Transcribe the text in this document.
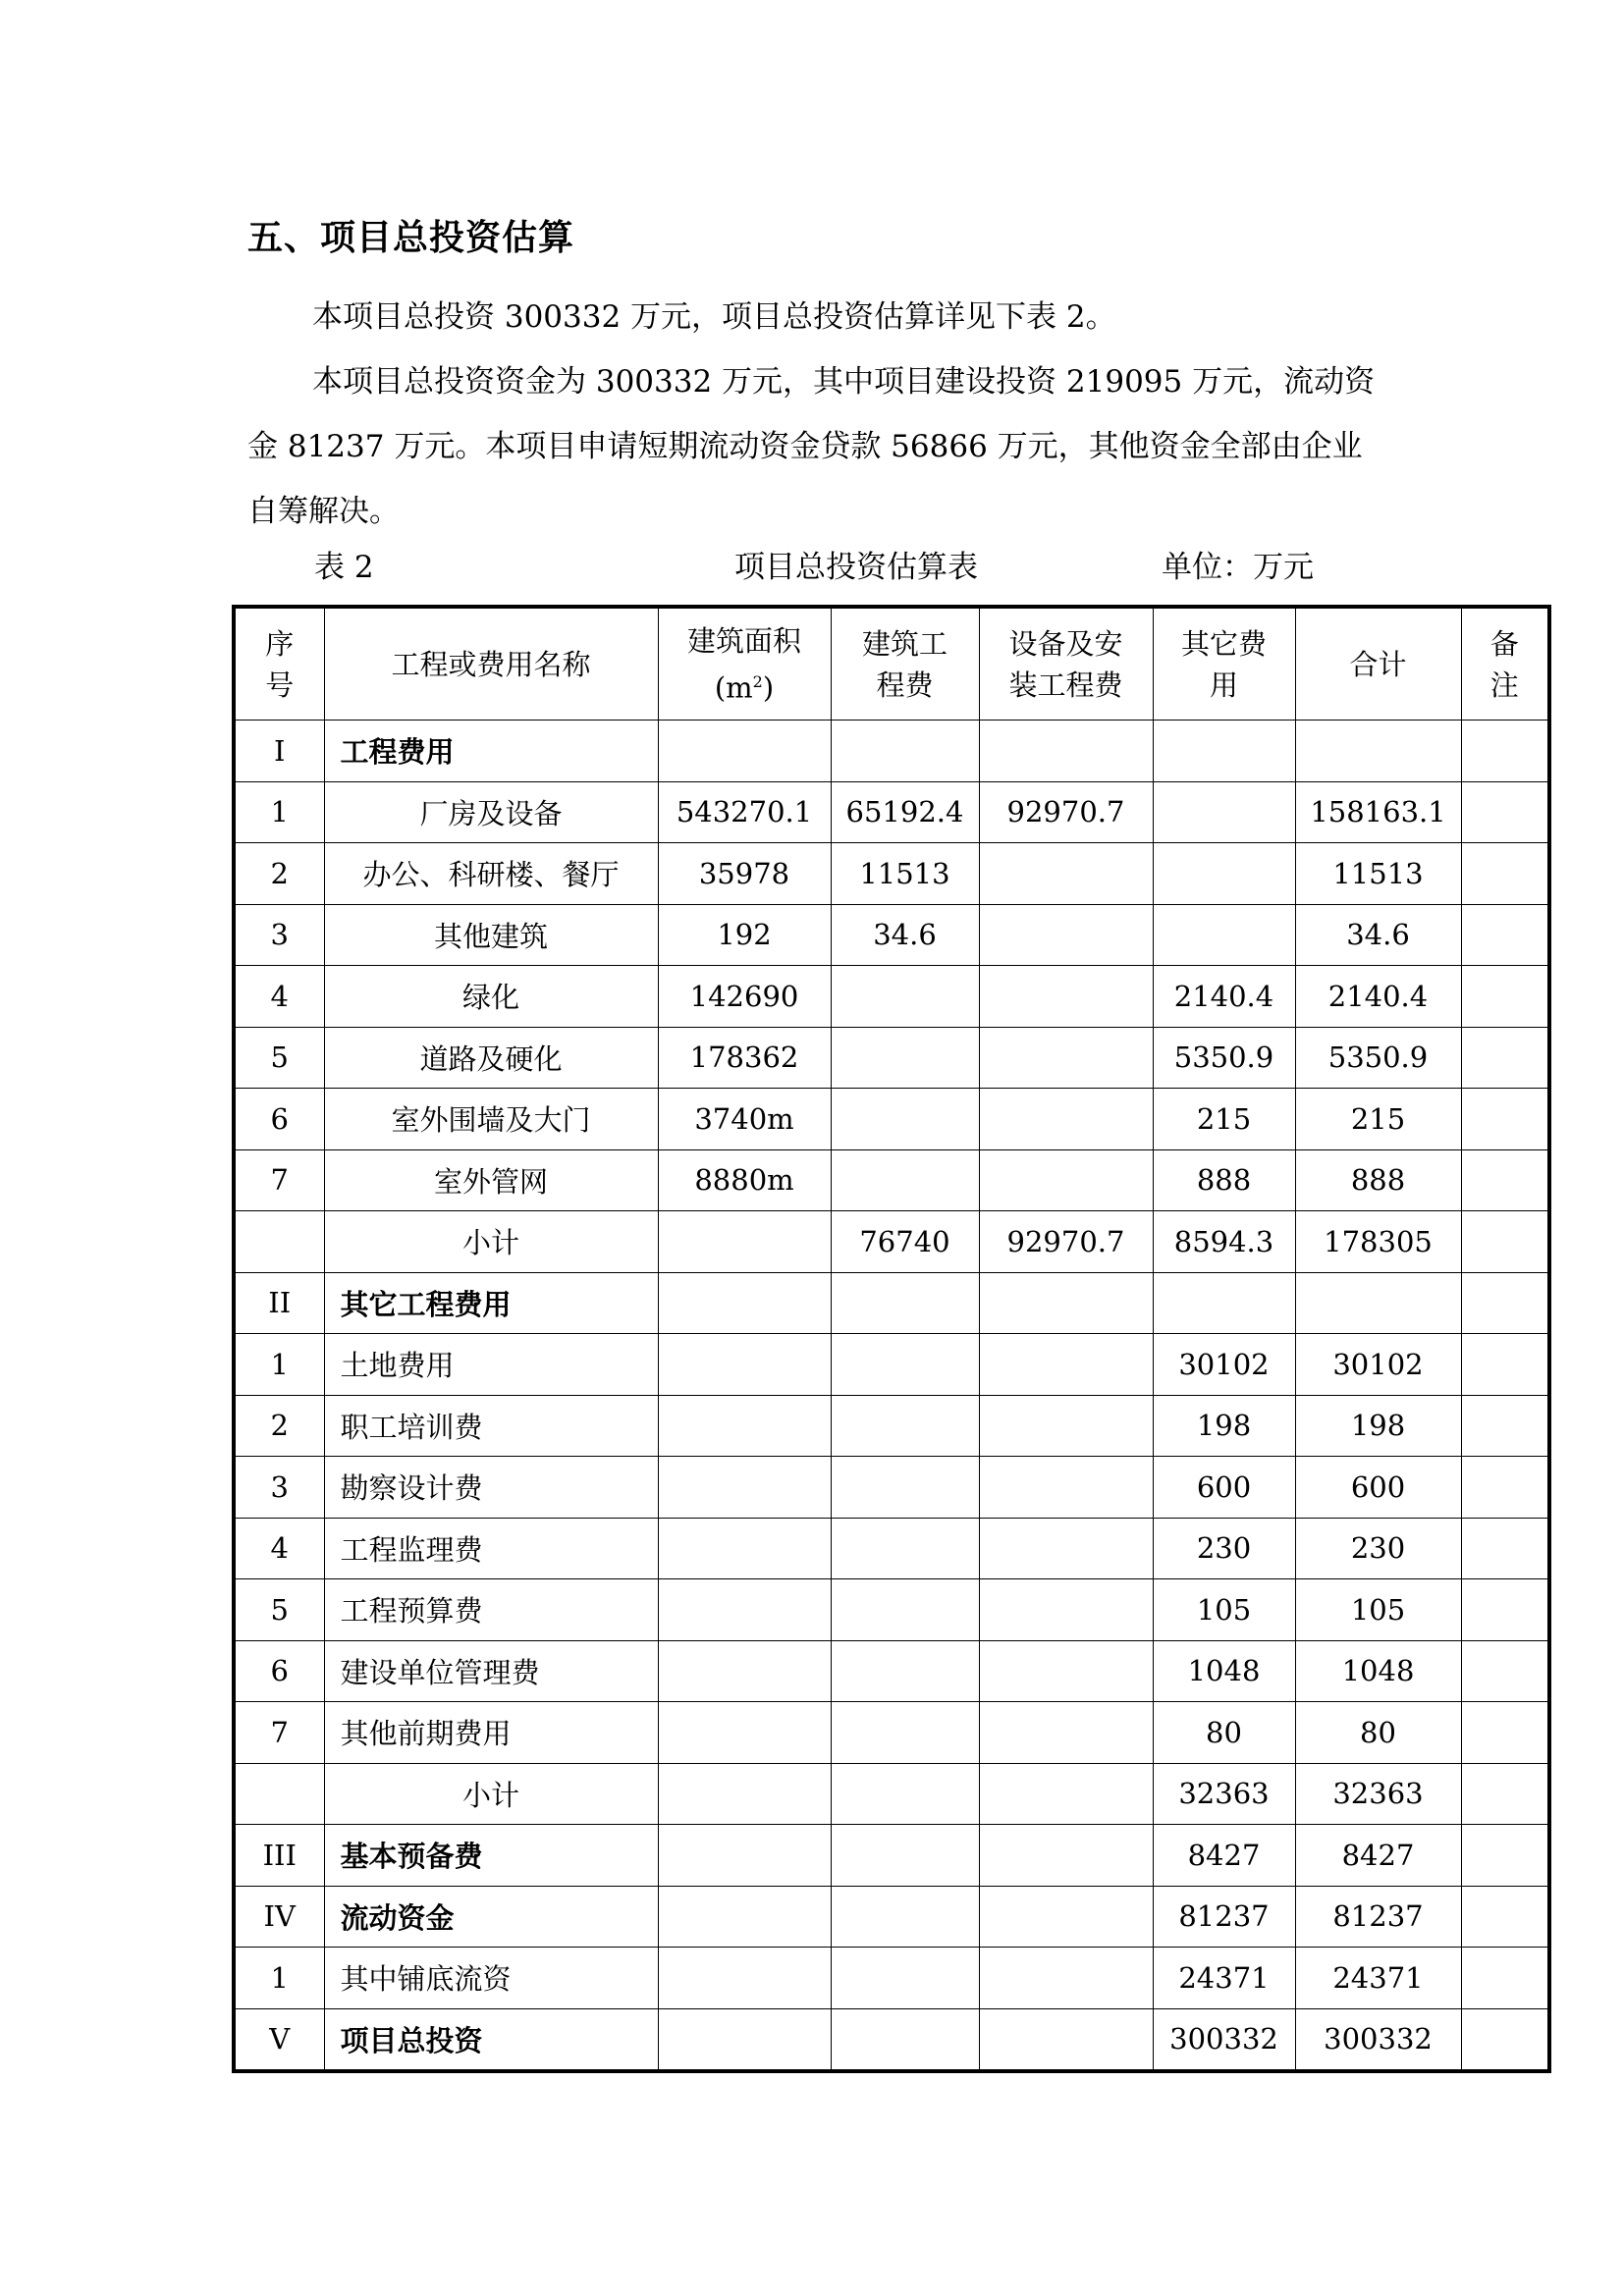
五、项目总投资估算

本项目总投资 300332 万元，项目总投资估算详见下表 2。

本项目总投资资金为 300332 万元，其中项目建设投资 219095 万元，流动资金 81237 万元。本项目申请短期流动资金贷款 56866 万元，其他资金全部由企业自筹解决。

表 2	项目总投资估算表	单位：万元
序号	工程或费用名称	建筑面积$(m^2)$	建筑工程费	设备及安装工程费	其它费用	合计	备注

I	工程费用						
1	厂房及设备	543270.1	65192.4	92970.7		158163.1	
2	办公、科研楼、餐厅	35978	11513			11513	
3	其他建筑	192	34.6			34.6	
4	绿化	142690			2140.4	2140.4	
5	道路及硬化	178362			5350.9	5350.9	
6	室外围墙及大门	3740m			215	215	
7	室外管网	8880m			888	888	
	小计		76740	92970.7	8594.3	178305	
II	其它工程费用						
1	土地费用				30102	30102	
2	职工培训费				198	198	
3	勘察设计费				600	600	
4	工程监理费				230	230	
5	工程预算费				105	105	
6	建设单位管理费				1048	1048	
7	其他前期费用				80	80	
	小计				32363	32363	
III	基本预备费				8427	8427	
IV	流动资金				81237	81237	
1	其中铺底流资				24371	24371	
V	项目总投资				300332	300332	
